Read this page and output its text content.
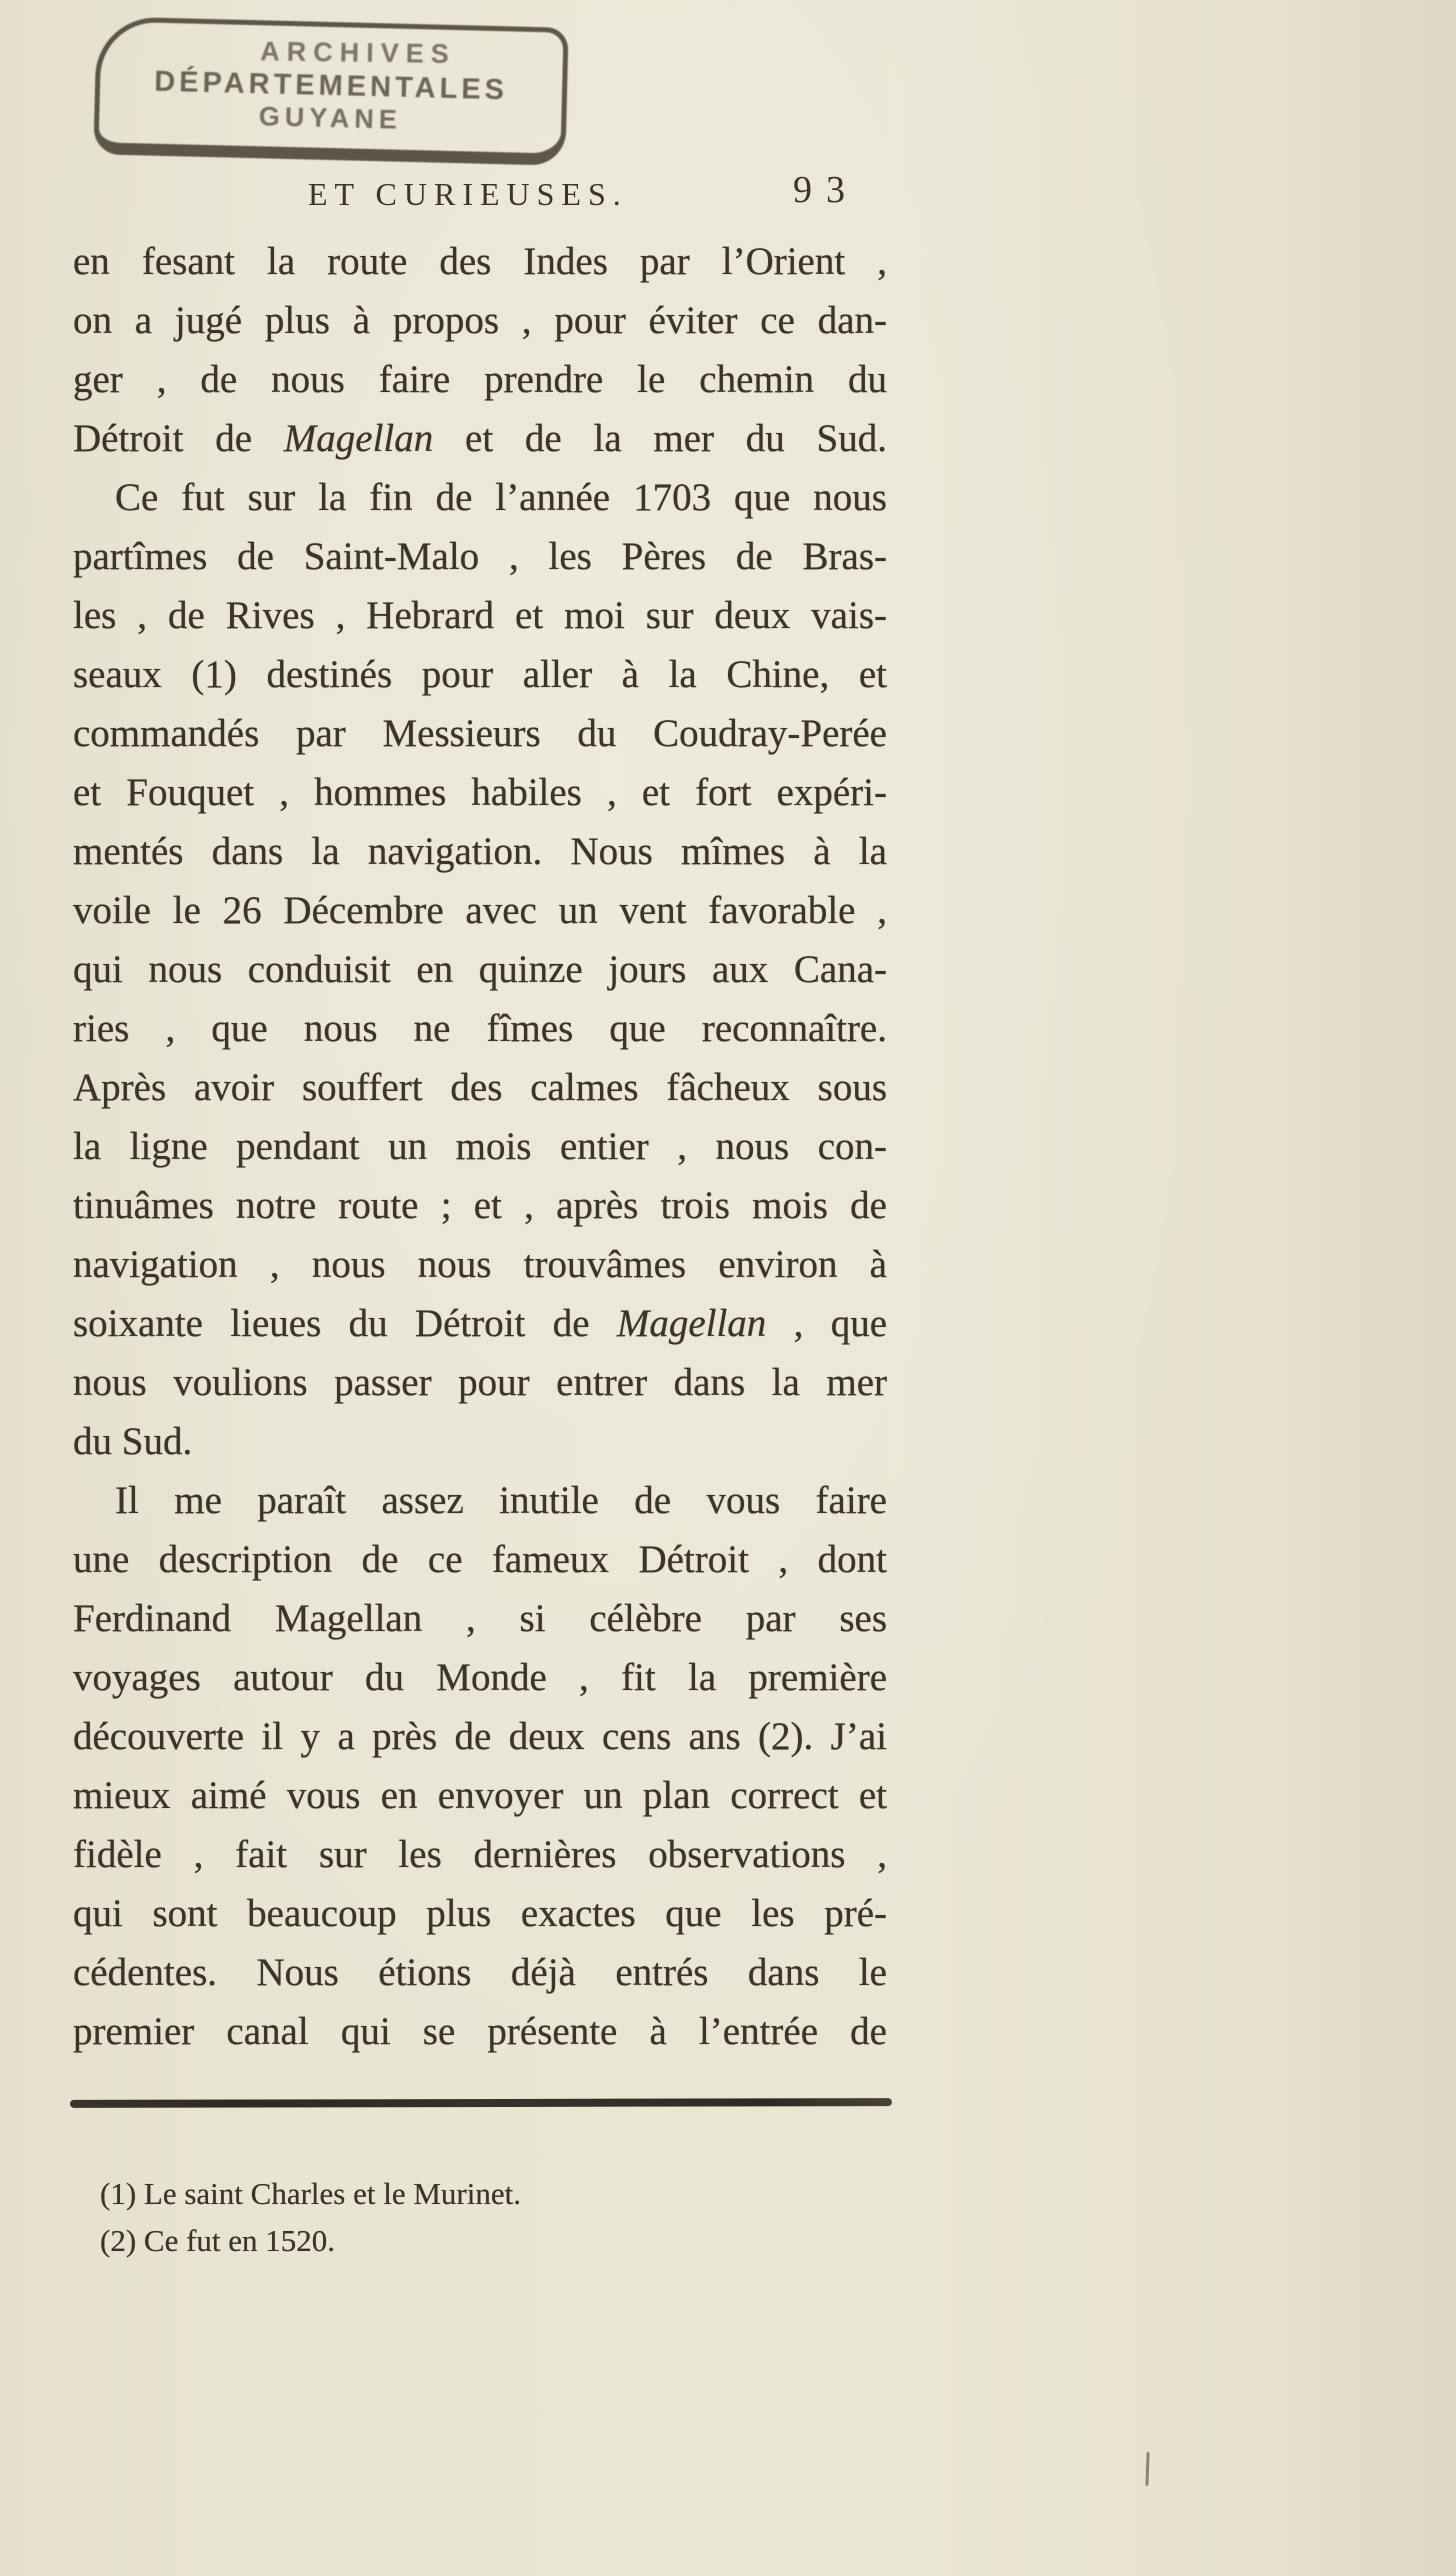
ARCHIVES
DÉPARTEMENTALES
GUYANE
ET CURIEUSES.	93
en fesant la route des Indes par l’Orient ,
on a jugé plus à propos , pour éviter ce dan-
ger , de nous faire prendre le chemin du
Détroit de Magellan et de la mer du Sud.
Ce fut sur la fin de l’année 1703 que nous
partîmes de Saint-Malo , les Pères de Bras-
les , de Rives , Hebrard et moi sur deux vais-
seaux (1) destinés pour aller à la Chine, et
commandés par Messieurs du Coudray-Perée
et Fouquet , hommes habiles , et fort expéri-
mentés dans la navigation. Nous mîmes à la
voile le 26 Décembre avec un vent favorable ,
qui nous conduisit en quinze jours aux Cana-
ries , que nous ne fîmes que reconnaître.
Après avoir souffert des calmes fâcheux sous
la ligne pendant un mois entier , nous con-
tinuâmes notre route ; et , après trois mois de
navigation , nous nous trouvâmes environ à
soixante lieues du Détroit de Magellan , que
nous voulions passer pour entrer dans la mer
du Sud.
Il me paraît assez inutile de vous faire
une description de ce fameux Détroit , dont
Ferdinand Magellan , si célèbre par ses
voyages autour du Monde , fit la première
découverte il y a près de deux cens ans (2). J’ai
mieux aimé vous en envoyer un plan correct et
fidèle , fait sur les dernières observations ,
qui sont beaucoup plus exactes que les pré-
cédentes. Nous étions déjà entrés dans le
premier canal qui se présente à l’entrée de
(1) Le saint Charles et le Murinet.
(2) Ce fut en 1520.
